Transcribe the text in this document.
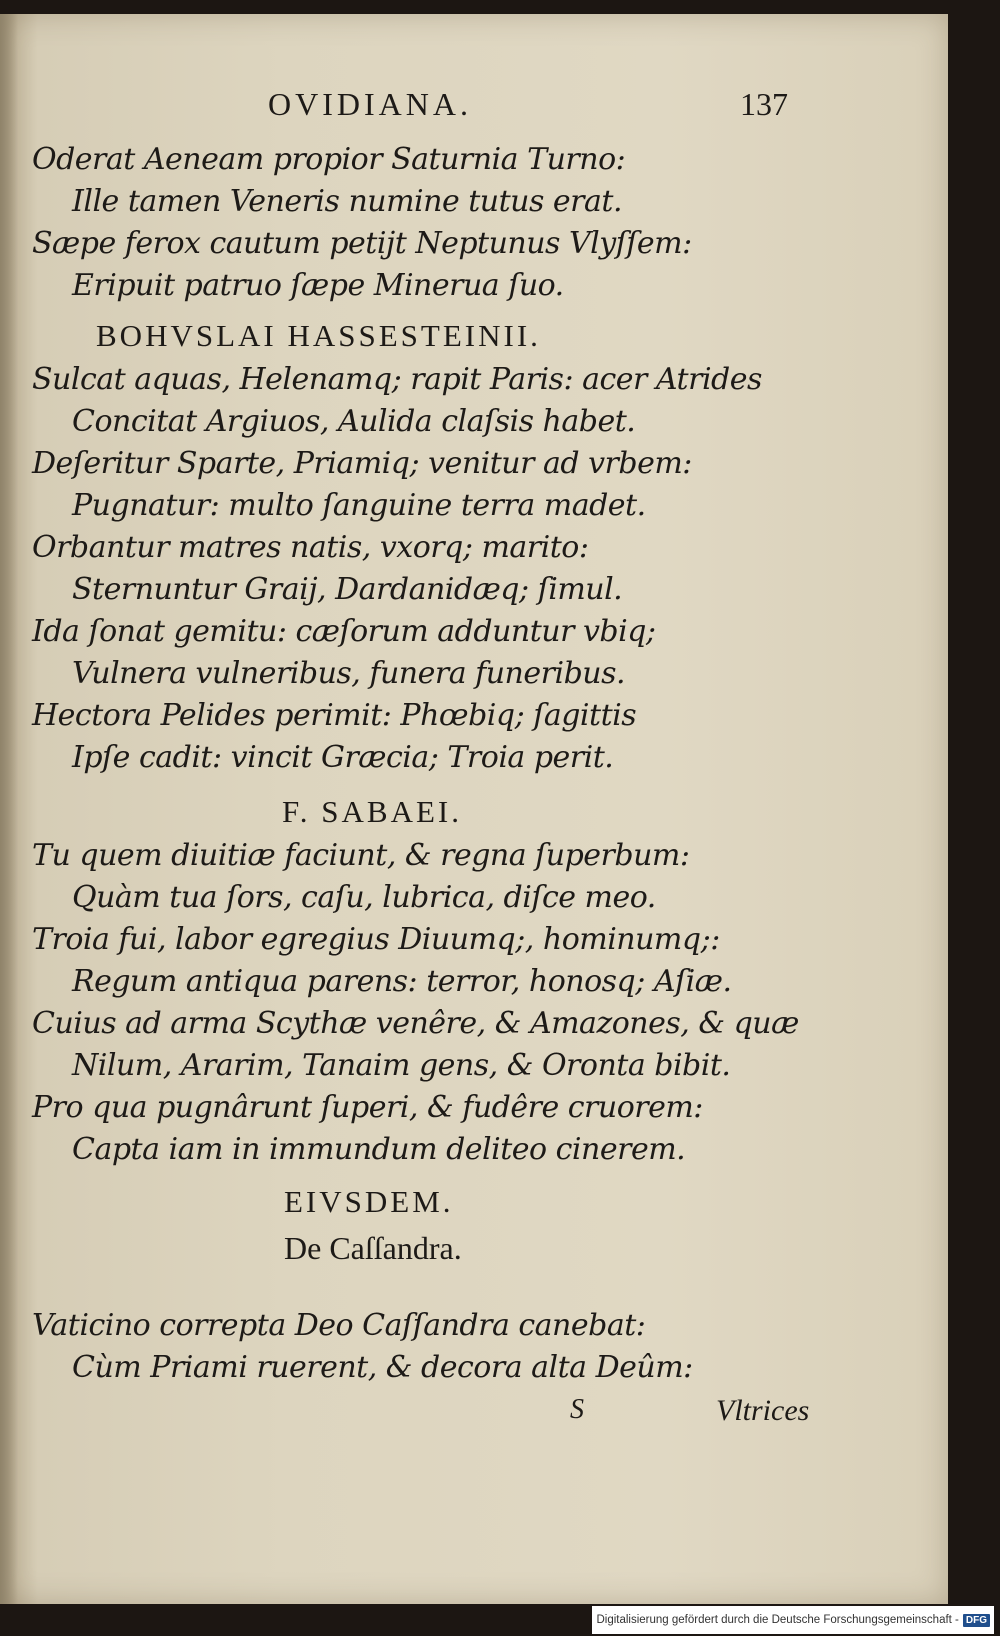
OVIDIANA.	137
Oderat Aeneam propior Saturnia Turno:
Ille tamen Veneris numine tutus erat.
Sæpe ferox cautum petijt Neptunus Vlyſſem:
Eripuit patruo ſæpe Minerua ſuo.
BOHVSLAI HASSESTEINII.
Sulcat aquas, Helenamq; rapit Paris: acer Atrides
Concitat Argiuos, Aulida claſsis habet.
Deſeritur Sparte, Priamiq; venitur ad vrbem:
Pugnatur: multo ſanguine terra madet.
Orbantur matres natis, vxorq; marito:
Sternuntur Graij, Dardanidæq; ſimul.
Ida ſonat gemitu: cæſorum adduntur vbiq;
Vulnera vulneribus, funera funeribus.
Hectora Pelides perimit: Phœbiq; ſagittis
Ipſe cadit: vincit Græcia; Troia perit.
F. SABAEI.
Tu quem diuitiæ faciunt, & regna ſuperbum:
Quàm tua ſors, caſu, lubrica, diſce meo.
Troia fui, labor egregius Diuumq;, hominumq;:
Regum antiqua parens: terror, honosq; Aſiæ.
Cuius ad arma Scythæ venêre, & Amazones, & quæ
Nilum, Ararim, Tanaim gens, & Oronta bibit.
Pro qua pugnârunt ſuperi, & fudêre cruorem:
Capta iam in immundum deliteo cinerem.
EIVSDEM.
De Caſſandra.
Vaticino correpta Deo Caſſandra canebat:
Cùm Priami ruerent, & decora alta Deûm:
S	Vltrices
Digitalisierung gefördert durch die Deutsche Forschungsgemeinschaft - DFG
